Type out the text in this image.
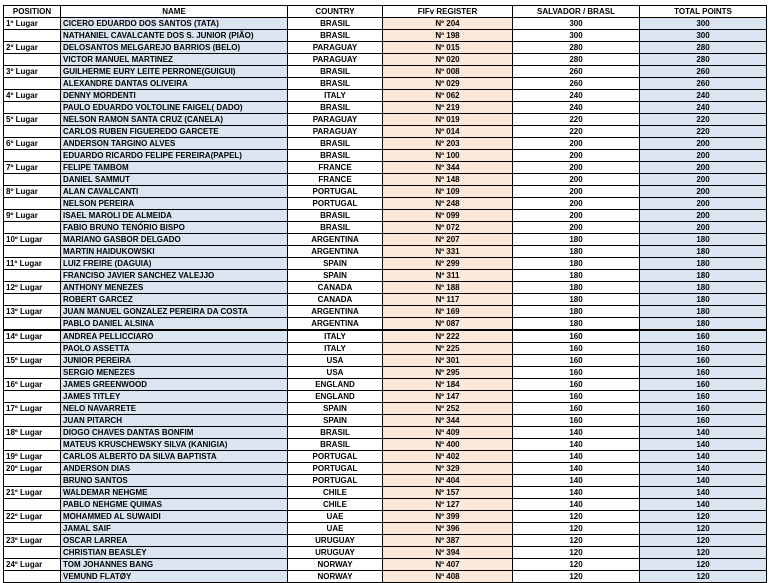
POSITION	NAME	COUNTRY	FIFv REGISTER	SALVADOR / BRASL	TOTAL POINTS
1º Lugar	CICERO EDUARDO DOS SANTOS (TATA)	BRASIL	Nº 204	300	300
	NATHANIEL CAVALCANTE DOS S. JUNIOR (PIÃO)	BRASIL	Nº 198	300	300
2º Lugar	DELOSANTOS MELGAREJO BARRIOS (BELO)	PARAGUAY	Nº 015	280	280
	VICTOR MANUEL MARTINEZ	PARAGUAY	Nº 020	280	280
3º Lugar	GUILHERME EURY LEITE PERRONE(GUIGUI)	BRASIL	Nº 008	260	260
	ALEXANDRE DANTAS OLIVEIRA	BRASIL	Nº 029	260	260
4º Lugar	DENNY MORDENTI	ITALY	Nº 062	240	240
	PAULO EDUARDO VOLTOLINE FAIGEL( DADO)	BRASIL	Nº 219	240	240
5º Lugar	NELSON RAMON SANTA CRUZ (CANELA)	PARAGUAY	Nº 019	220	220
	CARLOS RUBEN FIGUEREDO GARCETE	PARAGUAY	Nº 014	220	220
6º Lugar	ANDERSON TARGINO ALVES	BRASIL	Nº 203	200	200
	EDUARDO RICARDO FELIPE FEREIRA(PAPEL)	BRASIL	Nº 100	200	200
7º Lugar	FELIPE TAMBOM	FRANCE	Nº 344	200	200
	DANIEL SAMMUT	FRANCE	Nº 148	200	200
8º Lugar	ALAN CAVALCANTI	PORTUGAL	Nº 109	200	200
	NELSON PEREIRA	PORTUGAL	Nº 248	200	200
9º Lugar	ISAEL MAROLI DE ALMEIDA	BRASIL	Nº 099	200	200
	FABIO BRUNO TENÓRIO BISPO	BRASIL	Nº 072	200	200
10º Lugar	MARIANO GASBOR DELGADO	ARGENTINA	Nº 207	180	180
	MARTIN HAIDUKOWSKI	ARGENTINA	Nº 331	180	180
11º Lugar	LUIZ FREIRE (DAGUIA)	SPAIN	Nº 299	180	180
	FRANCISO JAVIER SANCHEZ VALEJJO	SPAIN	Nº 311	180	180
12º Lugar	ANTHONY MENEZES	CANADA	Nº 188	180	180
	ROBERT GARCEZ	CANADA	Nº 117	180	180
13º Lugar	JUAN MANUEL GONZALEZ PEREIRA DA COSTA	ARGENTINA	Nº 169	180	180
	PABLO DANIEL ALSINA	ARGENTINA	Nº 087	180	180
14º Lugar	ANDREA PELLICCIARO	ITALY	Nº 222	160	160
	PAOLO ASSETTA	ITALY	Nº 225	160	160
15º Lugar	JUNIOR PEREIRA	USA	Nº 301	160	160
	SERGIO MENEZES	USA	Nº 295	160	160
16º Lugar	JAMES GREENWOOD	ENGLAND	Nº 184	160	160
	JAMES TITLEY	ENGLAND	Nº 147	160	160
17º Lugar	NELO NAVARRETE	SPAIN	Nº 252	160	160
	JUAN PITARCH	SPAIN	Nº 344	160	160
18º Lugar	DIOGO CHAVES DANTAS BONFIM	BRASIL	Nº 409	140	140
	MATEUS KRUSCHEWSKY SILVA (KANIGIA)	BRASIL	Nº 400	140	140
19º Lugar	CARLOS ALBERTO DA SILVA BAPTISTA	PORTUGAL	Nº 402	140	140
20º Lugar	ANDERSON DIAS	PORTUGAL	Nº 329	140	140
	BRUNO SANTOS	PORTUGAL	Nº 404	140	140
21º Lugar	WALDEMAR NEHGME	CHILE	Nº 157	140	140
	PABLO NEHGME QUIMAS	CHILE	Nº 127	140	140
22º Lugar	MOHAMMED AL SUWAIDI	UAE	Nº 399	120	120
	JAMAL SAIF	UAE	Nº 396	120	120
23º Lugar	OSCAR LARREA	URUGUAY	Nº 387	120	120
	CHRISTIAN BEASLEY	URUGUAY	Nº 394	120	120
24º Lugar	TOM JOHANNES BANG	NORWAY	Nº 407	120	120
	VEMUND FLATØY	NORWAY	Nº 408	120	120
